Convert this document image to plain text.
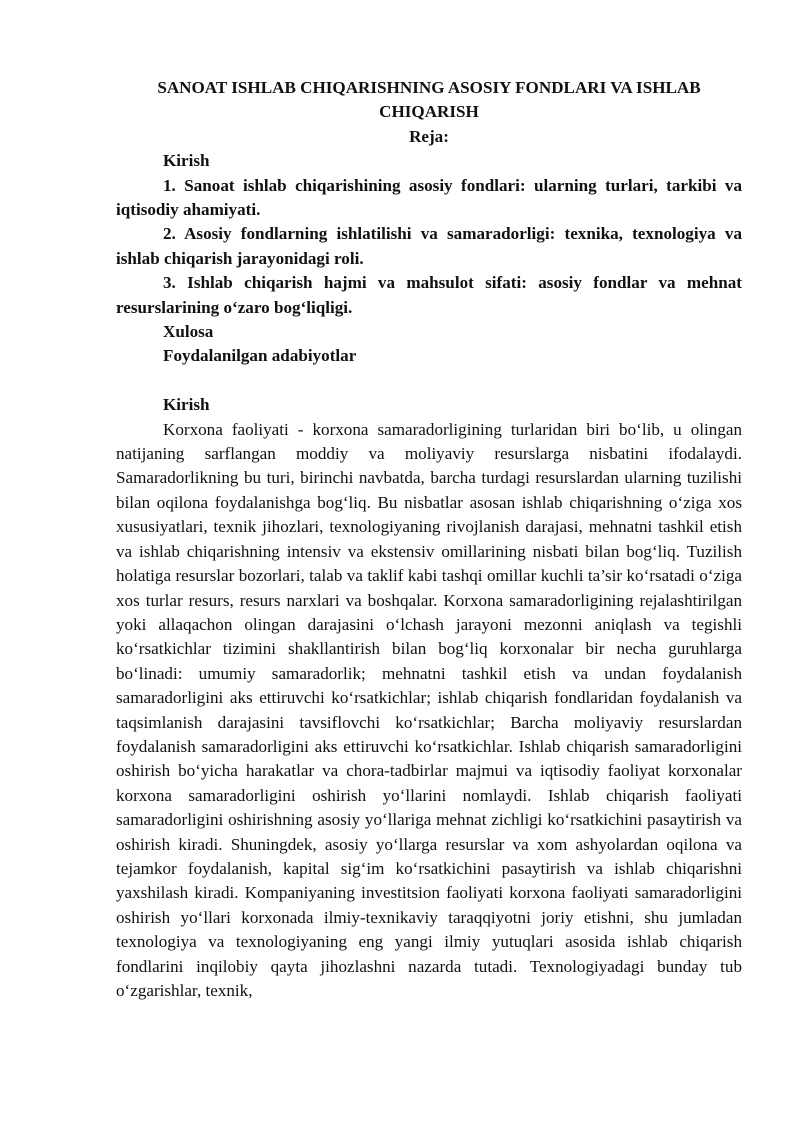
SANOAT ISHLAB CHIQARISHNING ASOSIY FONDLARI VA ISHLAB CHIQARISH

Reja:

Kirish

1. Sanoat ishlab chiqarishining asosiy fondlari: ularning turlari, tarkibi va iqtisodiy ahamiyati.

2. Asosiy fondlarning ishlatilishi va samaradorligi: texnika, texnologiya va ishlab chiqarish jarayonidagi roli.

3. Ishlab chiqarish hajmi va mahsulot sifati: asosiy fondlar va mehnat resurslarining o‘zaro bog‘liqligi.

Xulosa

Foydalanilgan adabiyotlar

Kirish

Korxona faoliyati - korxona samaradorligining turlaridan biri bo‘lib, u olingan natijaning sarflangan moddiy va moliyaviy resurslarga nisbatini ifodalaydi. Samaradorlikning bu turi, birinchi navbatda, barcha turdagi resurslardan ularning tuzilishi bilan oqilona foydalanishga bog‘liq. Bu nisbatlar asosan ishlab chiqarishning o‘ziga xos xususiyatlari, texnik jihozlari, texnologiyaning rivojlanish darajasi, mehnatni tashkil etish va ishlab chiqarishning intensiv va ekstensiv omillarining nisbati bilan bog‘liq. Tuzilish holatiga resurslar bozorlari, talab va taklif kabi tashqi omillar kuchli ta’sir ko‘rsatadi o‘ziga xos turlar resurs, resurs narxlari va boshqalar. Korxona samaradorligining rejalashtirilgan yoki allaqachon olingan darajasini o‘lchash jarayoni mezonni aniqlash va tegishli ko‘rsatkichlar tizimini shakllantirish bilan bog‘liq korxonalar bir necha guruhlarga bo‘linadi: umumiy samaradorlik; mehnatni tashkil etish va undan foydalanish samaradorligini aks ettiruvchi ko‘rsatkichlar; ishlab chiqarish fondlaridan foydalanish va taqsimlanish darajasini tavsiflovchi ko‘rsatkichlar; Barcha moliyaviy resurslardan foydalanish samaradorligini aks ettiruvchi ko‘rsatkichlar. Ishlab chiqarish samaradorligini oshirish bo‘yicha harakatlar va chora-tadbirlar majmui va iqtisodiy faoliyat korxonalar korxona samaradorligini oshirish yo‘llarini nomlaydi. Ishlab chiqarish faoliyati samaradorligini oshirishning asosiy yo‘llariga mehnat zichligi ko‘rsatkichini pasaytirish va oshirish kiradi. Shuningdek, asosiy yo‘llarga resurslar va xom ashyolardan oqilona va tejamkor foydalanish, kapital sig‘im ko‘rsatkichini pasaytirish va ishlab chiqarishni yaxshilash kiradi. Kompaniyaning investitsion faoliyati korxona faoliyati samaradorligini oshirish yo‘llari korxonada ilmiy-texnikaviy taraqqiyotni joriy etishni, shu jumladan texnologiya va texnologiyaning eng yangi ilmiy yutuqlari asosida ishlab chiqarish fondlarini inqilobiy qayta jihozlashni nazarda tutadi. Texnologiyadagi bunday tub o‘zgarishlar, texnik,
